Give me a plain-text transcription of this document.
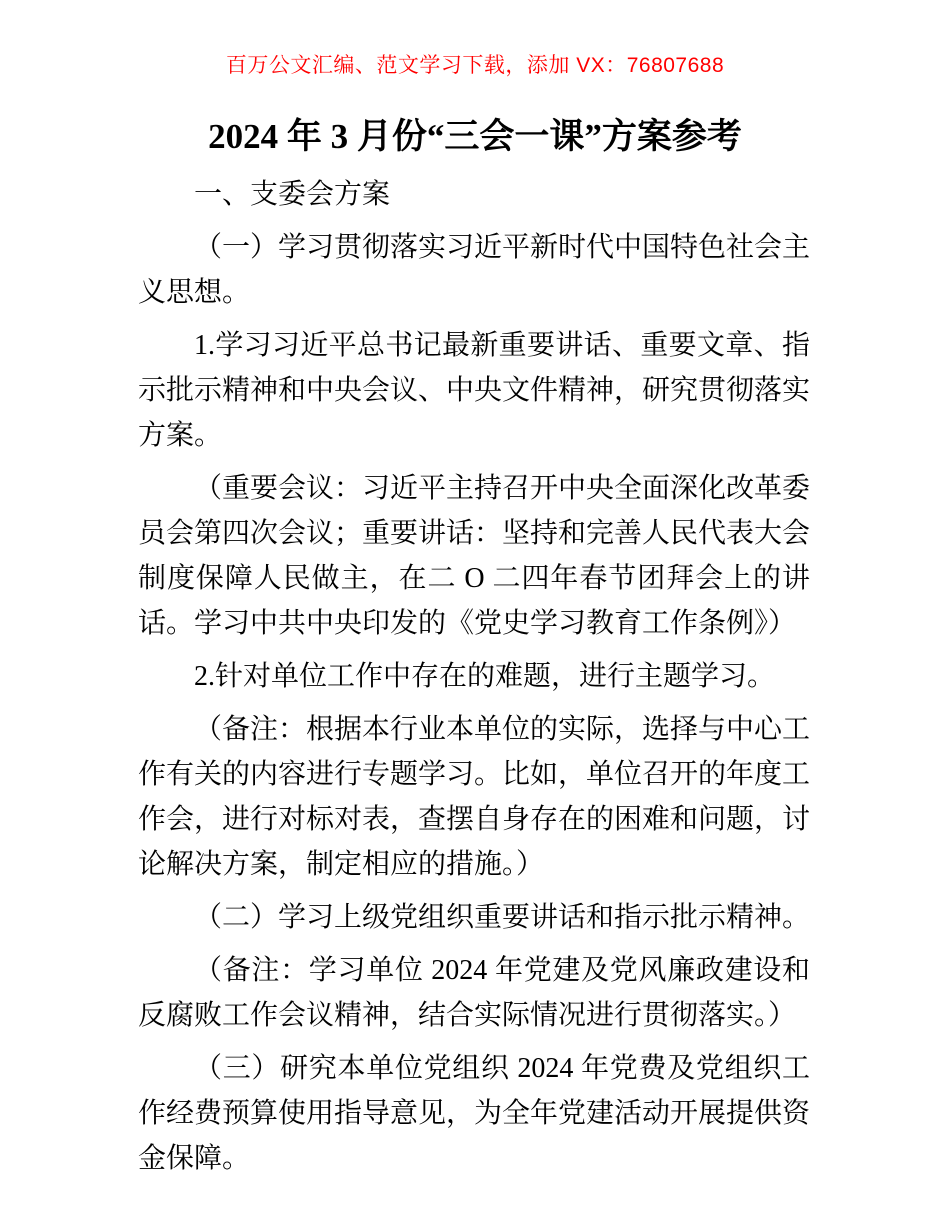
百万公文汇编、范文学习下载，添加 VX：76807688
2024 年 3 月份“三会一课”方案参考

一、支委会方案

（一）学习贯彻落实习近平新时代中国特色社会主义思想。

1.学习习近平总书记最新重要讲话、重要文章、指示批示精神和中央会议、中央文件精神，研究贯彻落实方案。

（重要会议：习近平主持召开中央全面深化改革委员会第四次会议；重要讲话：坚持和完善人民代表大会制度保障人民做主，在二 O 二四年春节团拜会上的讲话。学习中共中央印发的《党史学习教育工作条例》）

2.针对单位工作中存在的难题，进行主题学习。

（备注：根据本行业本单位的实际，选择与中心工作有关的内容进行专题学习。比如，单位召开的年度工作会，进行对标对表，查摆自身存在的困难和问题，讨论解决方案，制定相应的措施。）

（二）学习上级党组织重要讲话和指示批示精神。

（备注：学习单位 2024 年党建及党风廉政建设和反腐败工作会议精神，结合实际情况进行贯彻落实。）

（三）研究本单位党组织 2024 年党费及党组织工作经费预算使用指导意见，为全年党建活动开展提供资金保障。
